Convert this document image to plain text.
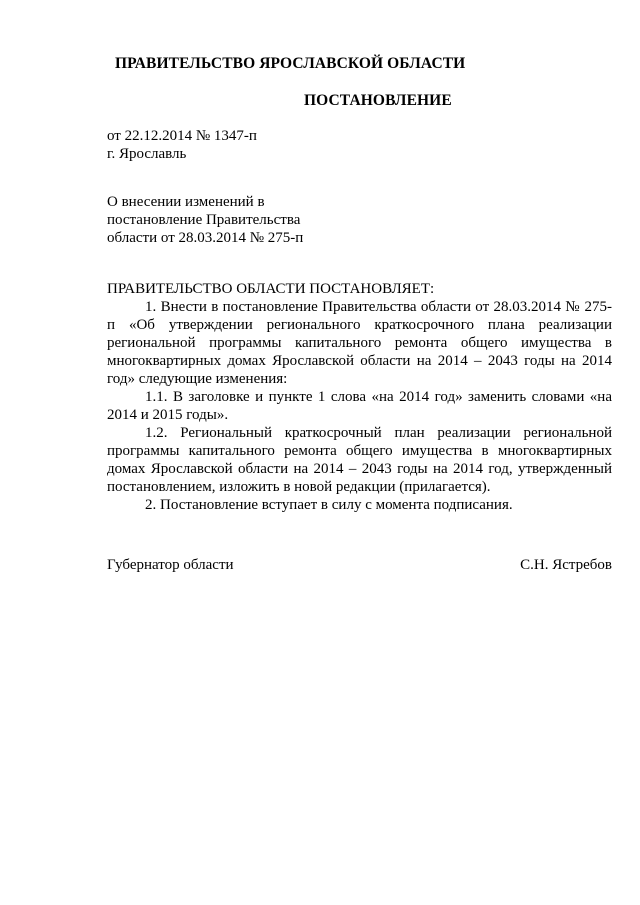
ПРАВИТЕЛЬСТВО ЯРОСЛАВСКОЙ ОБЛАСТИ
ПОСТАНОВЛЕНИЕ
от 22.12.2014 № 1347-п
г. Ярославль
О внесении изменений в
постановление Правительства
области от 28.03.2014 № 275-п
ПРАВИТЕЛЬСТВО ОБЛАСТИ ПОСТАНОВЛЯЕТ:

1. Внести в постановление Правительства области от 28.03.2014 № 275-п «Об утверждении регионального краткосрочного плана реализации региональной программы капитального ремонта общего имущества в многоквартирных домах Ярославской области на 2014 – 2043 годы на 2014 год» следующие изменения:

1.1. В заголовке и пункте 1 слова «на 2014 год» заменить словами «на 2014 и 2015 годы».

1.2. Региональный краткосрочный план реализации региональной программы капитального ремонта общего имущества в многоквартирных домах Ярославской области на 2014 – 2043 годы на 2014 год, утвержденный постановлением, изложить в новой редакции (прилагается).

2. Постановление вступает в силу с момента подписания.

Губернатор области	С.Н. Ястребов
